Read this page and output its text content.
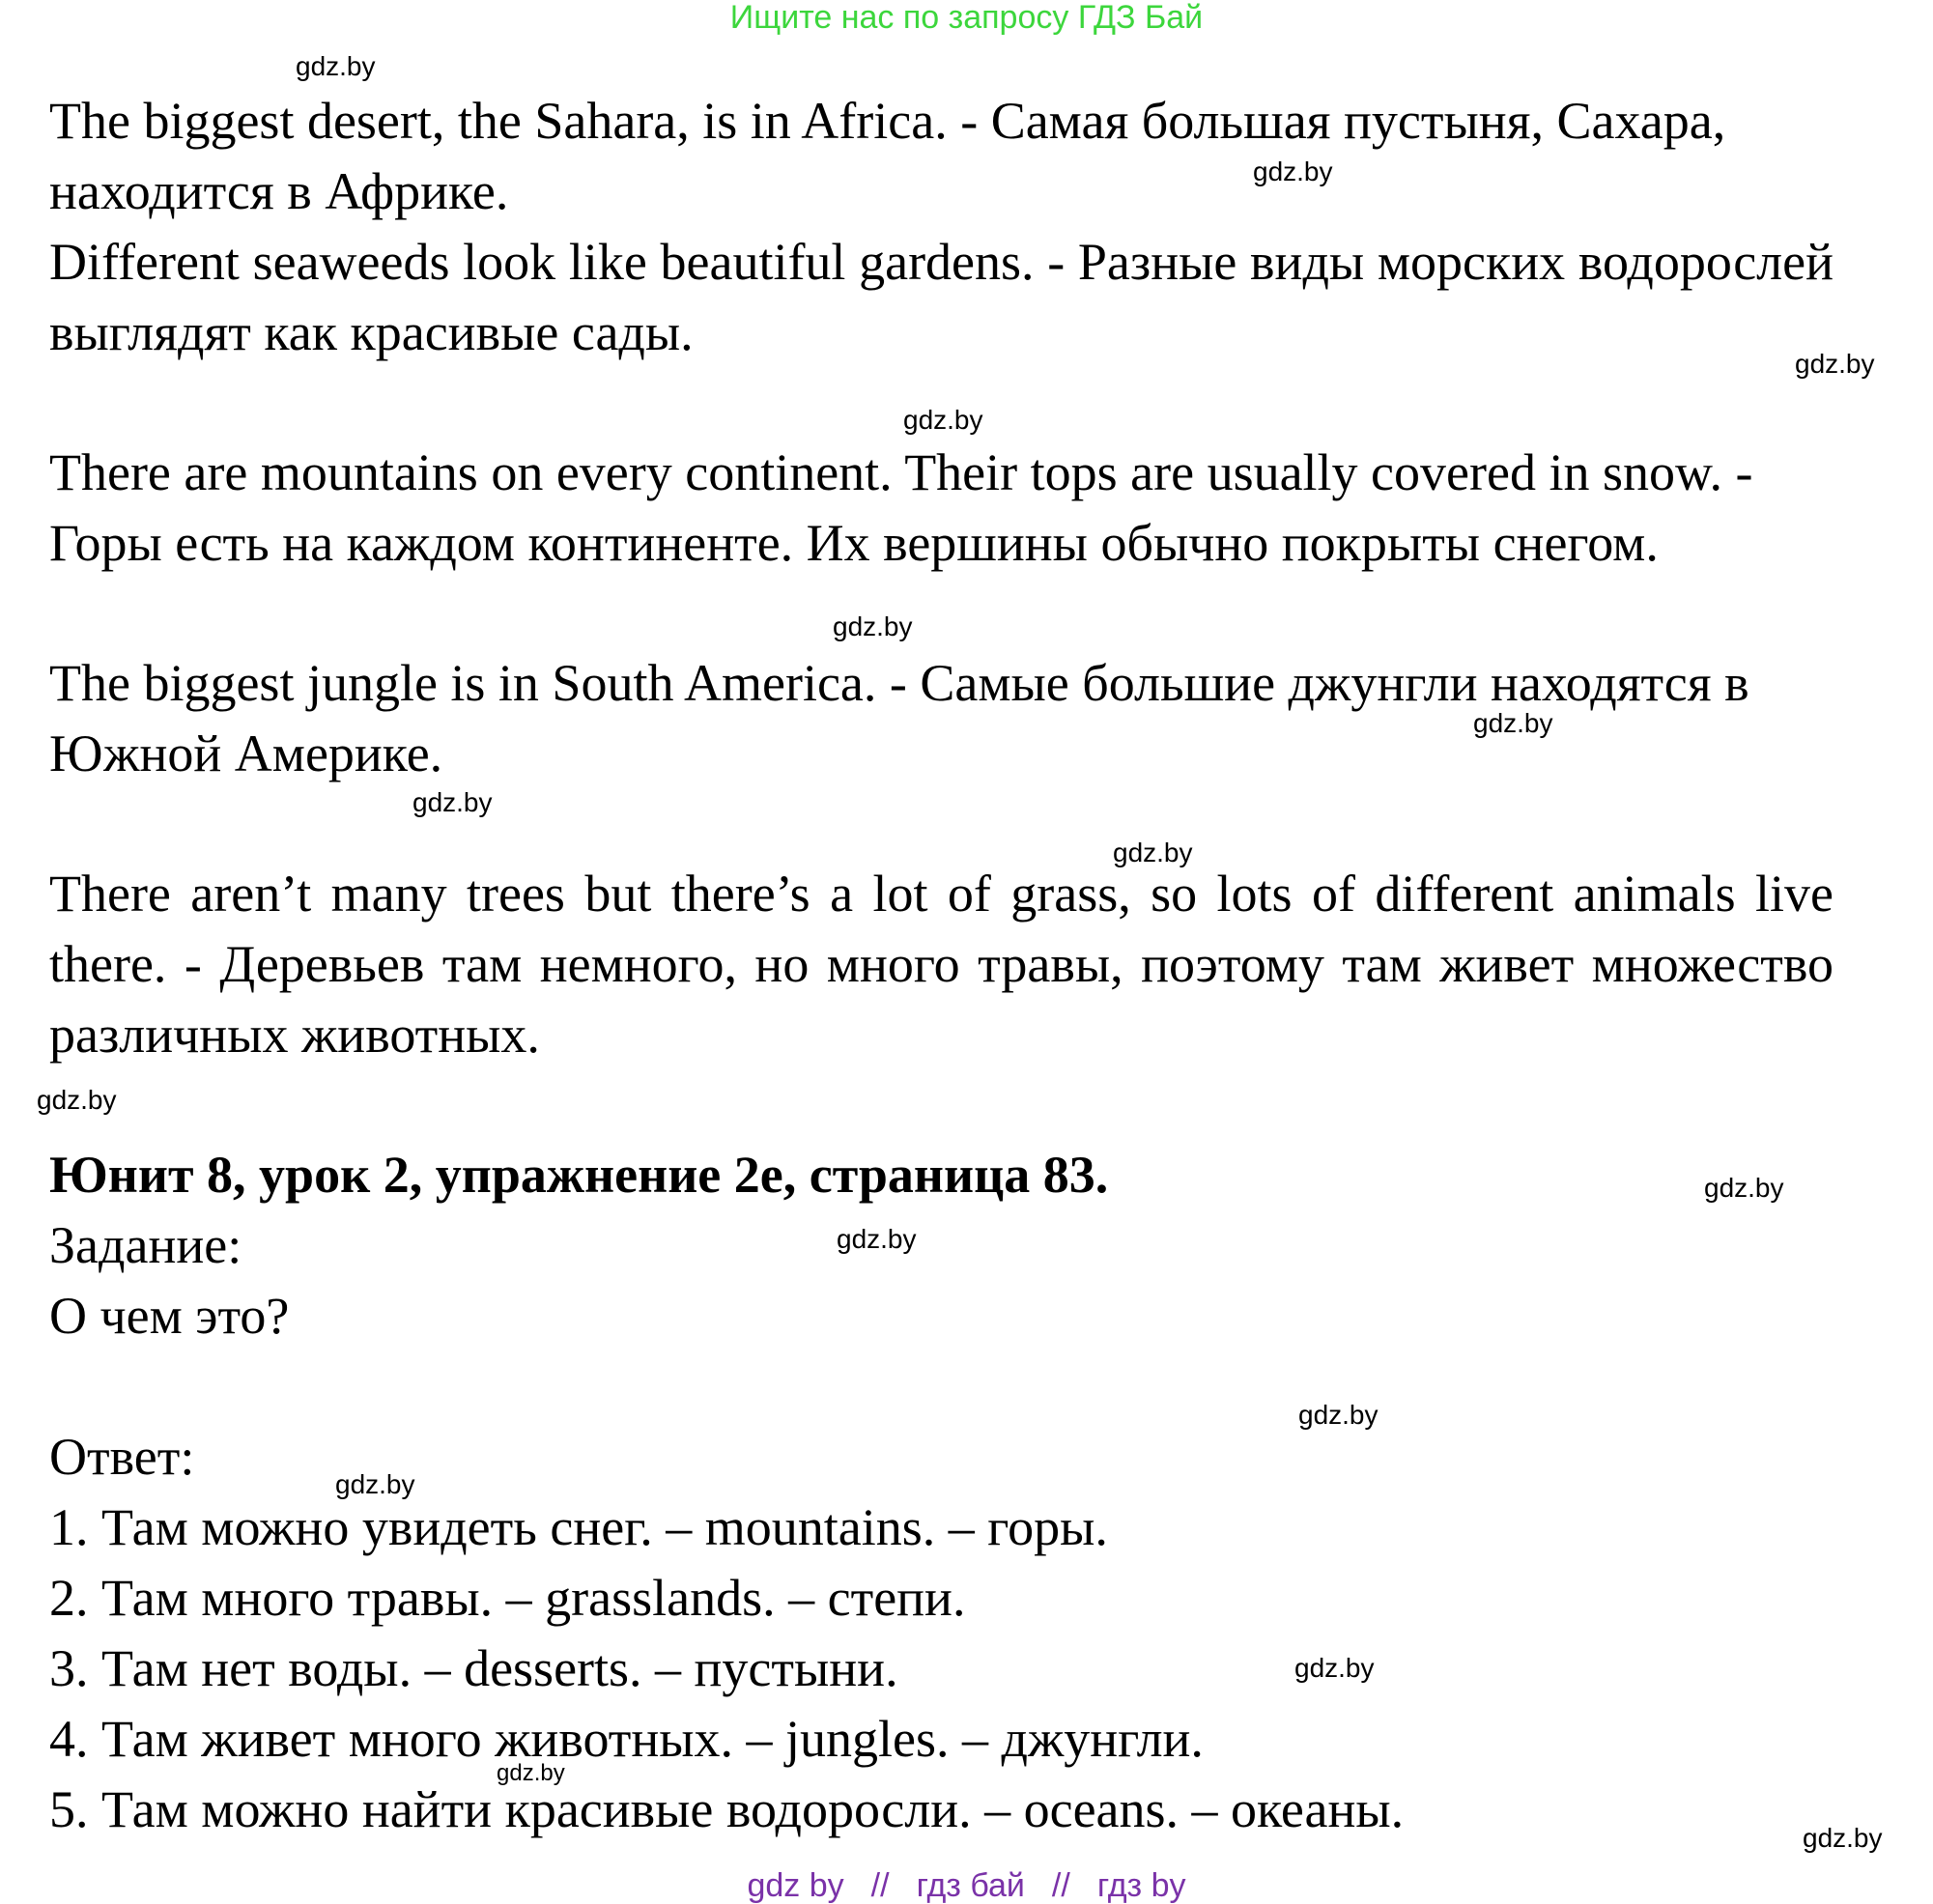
Ищите нас по запросу ГДЗ Бай

The biggest desert, the Sahara, is in Africa. - Самая большая пустыня, Сахара, находится в Африке.

Different seaweeds look like beautiful gardens. - Разные виды морских водорослей выглядят как красивые сады.

There are mountains on every continent. Their tops are usually covered in snow. - Горы есть на каждом континенте. Их вершины обычно покрыты снегом.

The biggest jungle is in South America. - Самые большие джунгли находятся в Южной Америке.

There aren’t many trees but there’s a lot of grass, so lots of different animals live there. - Деревьев там немного, но много травы, поэтому там живет множество различных животных.

Юнит 8, урок 2, упражнение 2е, страница 83.
Задание:
О чем это?
Ответ:
1. Там можно увидеть снег. – mountains. – горы.
2. Там много травы. – grasslands. – степи.
3. Там нет воды. – desserts. – пустыни.
4. Там живет много животных. – jungles. – джунгли.
5. Там можно найти красивые водоросли. – oceans. – океаны.
gdz.by
gdz.by
gdz.by
gdz.by
gdz.by
gdz.by
gdz.by
gdz.by
gdz.by
gdz.by
gdz.by
gdz.by
gdz.by
gdz.by
gdz.by
gdz.by
gdz by // гдз бай // гдз by
